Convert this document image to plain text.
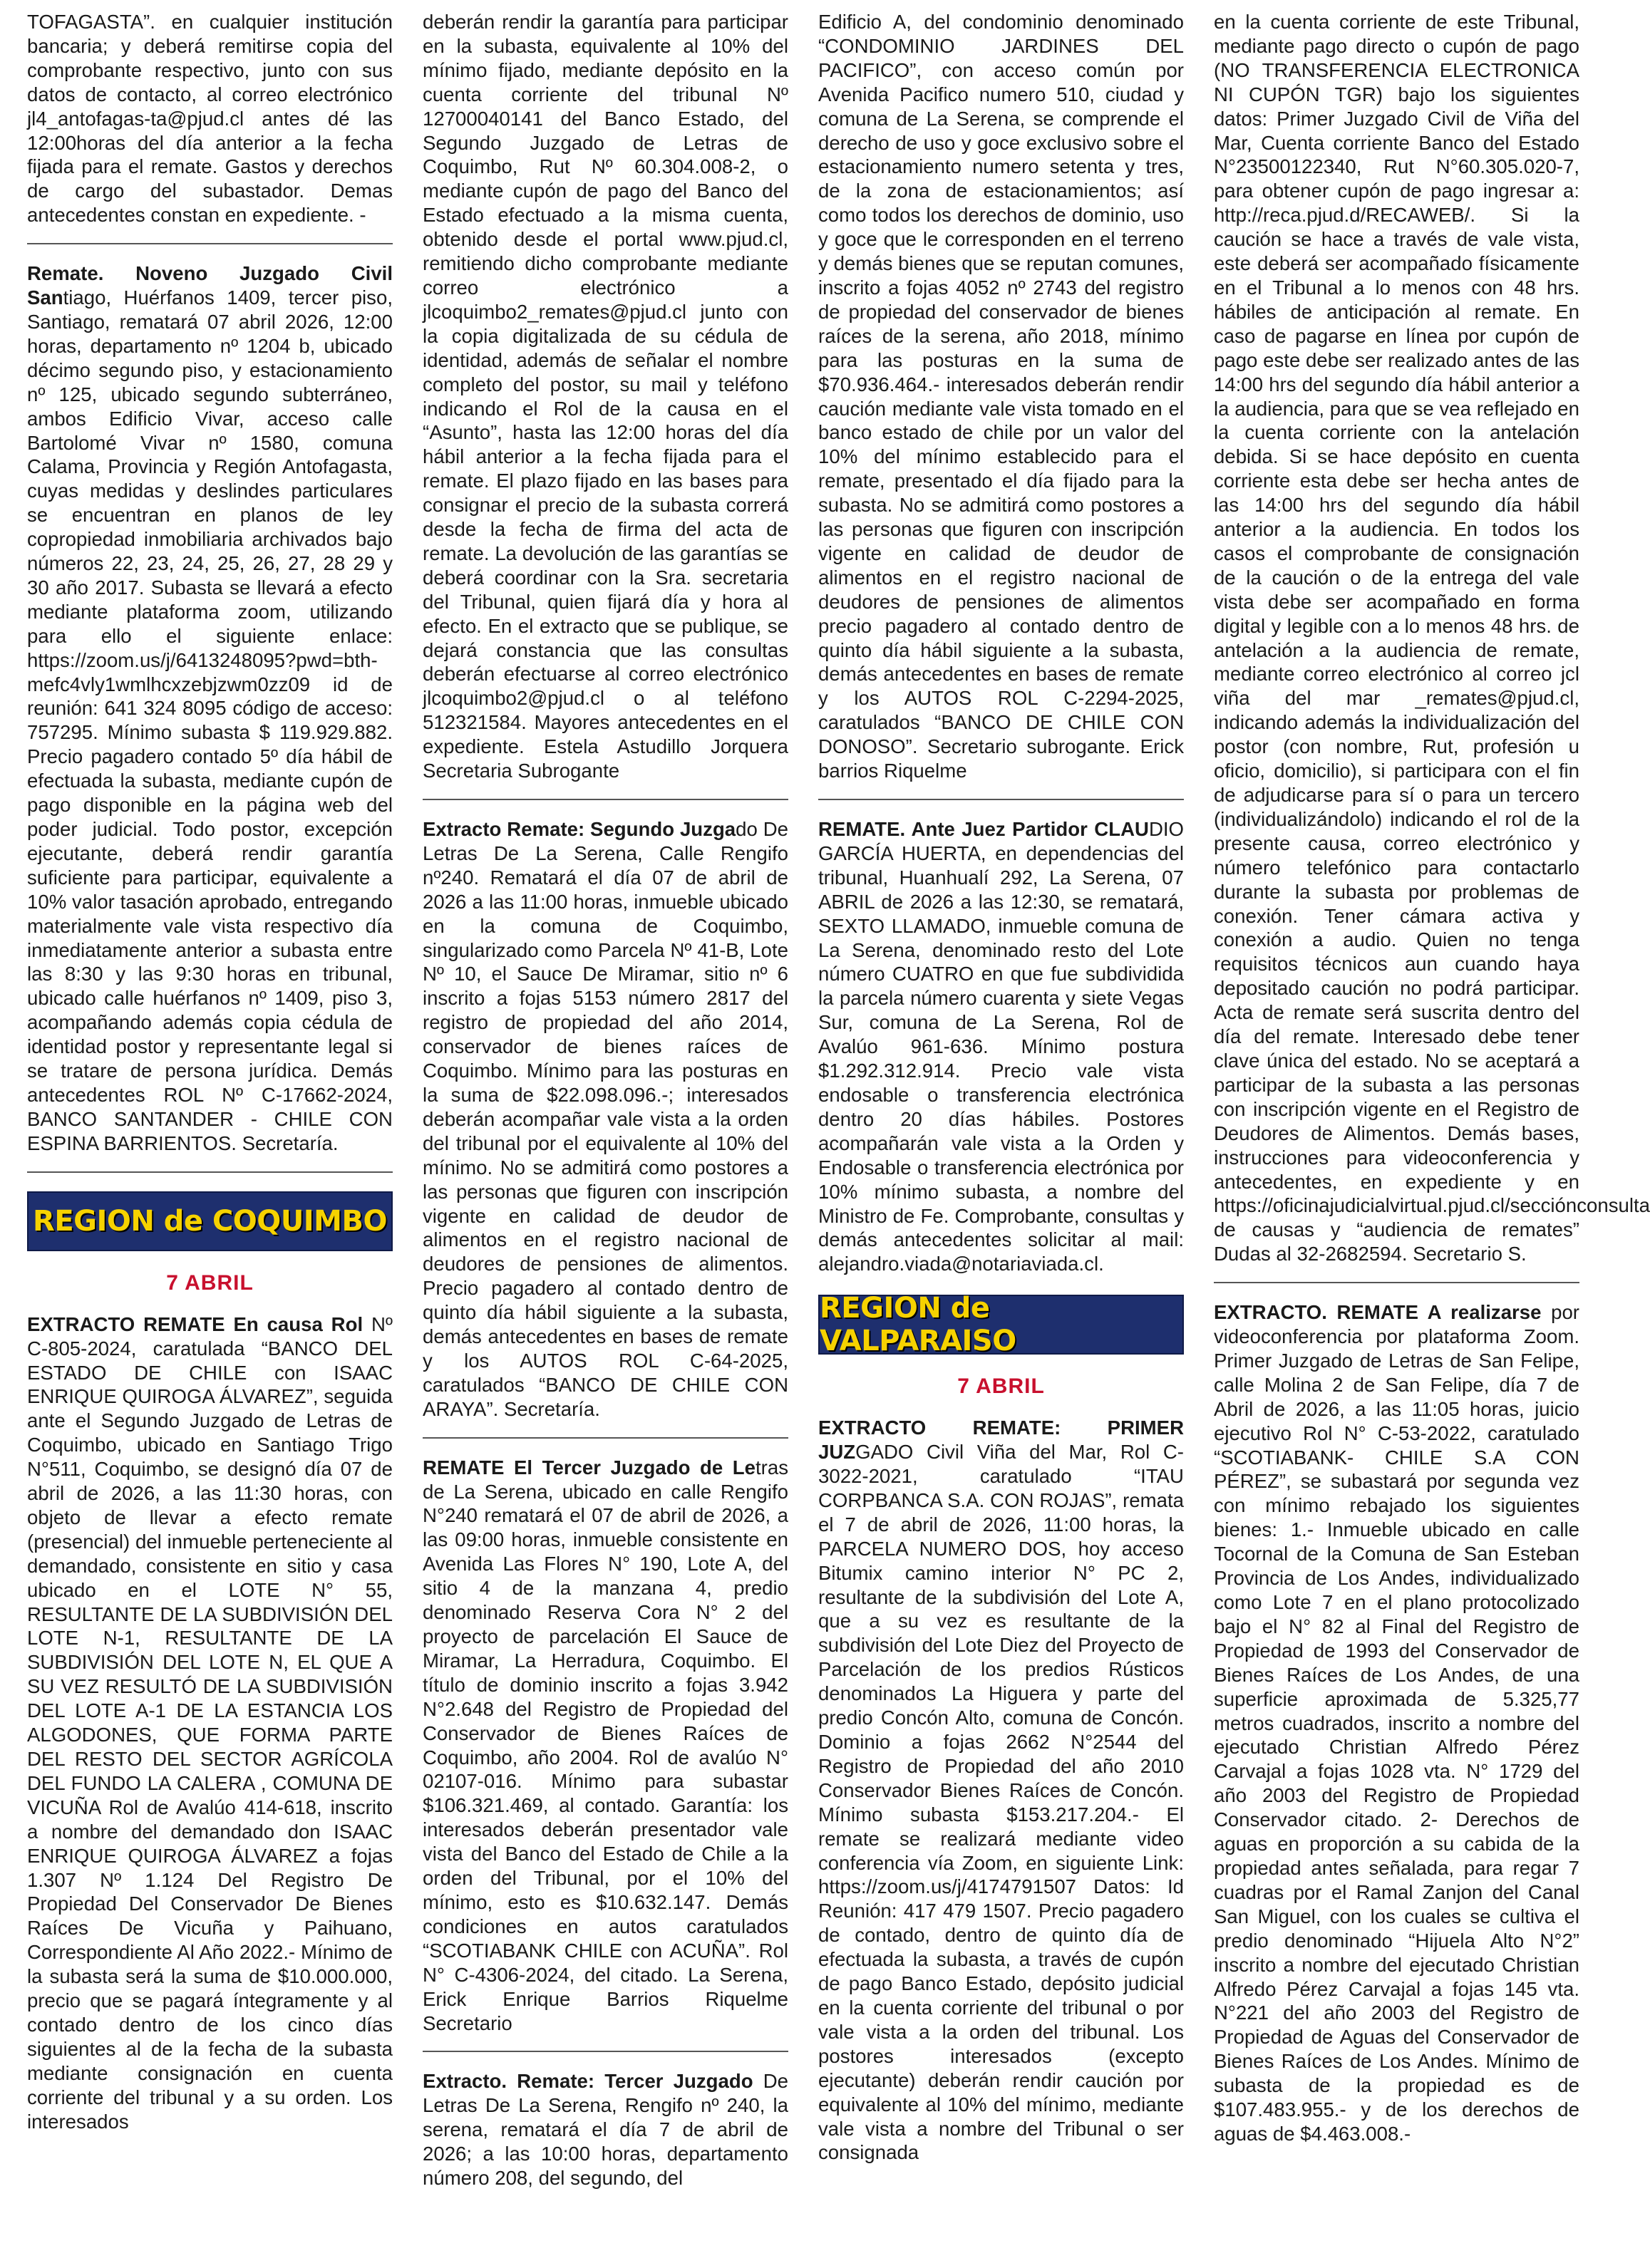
TOFAGASTA”. en cualquier institución bancaria; y deberá remitirse copia del comprobante respectivo, junto con sus datos de contacto, al correo electrónico jl4_antofagas-ta@pjud.cl antes dé las 12:00horas del día anterior a la fecha fijada para el remate. Gastos y derechos de cargo del subastador. Demas antecedentes constan en expediente. -

Remate. Noveno Juzgado Civil Santiago, Huérfanos 1409, tercer piso, Santiago, rematará 07 abril 2026, 12:00 horas, departamento nº 1204 b, ubicado décimo segundo piso, y estacionamiento nº 125, ubicado segundo subterráneo, ambos Edificio Vivar, acceso calle Bartolomé Vivar nº 1580, comuna Calama, Provincia y Región Antofagasta, cuyas medidas y deslindes particulares se encuentran en planos de ley copropiedad inmobiliaria archivados bajo números 22, 23, 24, 25, 26, 27, 28 29 y 30 año 2017. Subasta se llevará a efecto mediante plataforma zoom, utilizando para ello el siguiente enlace: https://zoom.us/j/6413248095?pwd=bth-mefc4vly1wmlhcxzebjzwm0zz09 id de reunión: 641 324 8095 código de acceso: 757295. Mínimo subasta $ 119.929.882. Precio pagadero contado 5º día hábil de efectuada la subasta, mediante cupón de pago disponible en la página web del poder judicial. Todo postor, excepción ejecutante, deberá rendir garantía suficiente para participar, equivalente a 10% valor tasación aprobado, entregando materialmente vale vista respectivo día inmediatamente anterior a subasta entre las 8:30 y las 9:30 horas en tribunal, ubicado calle huérfanos nº 1409, piso 3, acompañando además copia cédula de identidad postor y representante legal si se tratare de persona jurídica. Demás antecedentes ROL Nº C-17662-2024, BANCO SANTANDER - CHILE CON ESPINA BARRIENTOS. Secretaría.

REGION de COQUIMBO
7 ABRIL

EXTRACTO REMATE En causa Rol Nº C-805-2024, caratulada “BANCO DEL ESTADO DE CHILE con ISAAC ENRIQUE QUIROGA ÁLVAREZ”, seguida ante el Segundo Juzgado de Letras de Coquimbo, ubicado en Santiago Trigo N°511, Coquimbo, se designó día 07 de abril de 2026, a las 11:30 horas, con objeto de llevar a efecto remate (presencial) del inmueble perteneciente al demandado, consistente en sitio y casa ubicado en el LOTE N° 55, RESULTANTE DE LA SUBDIVISIÓN DEL LOTE N-1, RESULTANTE DE LA SUBDIVISIÓN DEL LOTE N, EL QUE A SU VEZ RESULTÓ DE LA SUBDIVISIÓN DEL LOTE A-1 DE LA ESTANCIA LOS ALGODONES, QUE FORMA PARTE DEL RESTO DEL SECTOR AGRÍCOLA DEL FUNDO LA CALERA , COMUNA DE VICUÑA Rol de Avalúo 414-618, inscrito a nombre del demandado don ISAAC ENRIQUE QUIROGA ÁLVAREZ a fojas 1.307 Nº 1.124 Del Registro De Propiedad Del Conservador De Bienes Raíces De Vicuña y Paihuano, Correspondiente Al Año 2022.- Mínimo de la subasta será la suma de $10.000.000, precio que se pagará íntegramente y al contado dentro de los cinco días siguientes al de la fecha de la subasta mediante consignación en cuenta corriente del tribunal y a su orden. Los interesados

deberán rendir la garantía para participar en la subasta, equivalente al 10% del mínimo fijado, mediante depósito en la cuenta corriente del tribunal Nº 12700040141 del Banco Estado, del Segundo Juzgado de Letras de Coquimbo, Rut Nº 60.304.008-2, o mediante cupón de pago del Banco del Estado efectuado a la misma cuenta, obtenido desde el portal www.pjud.cl, remitiendo dicho comprobante mediante correo electrónico a jlcoquimbo2_remates@pjud.cl junto con la copia digitalizada de su cédula de identidad, además de señalar el nombre completo del postor, su mail y teléfono indicando el Rol de la causa en el “Asunto”, hasta las 12:00 horas del día hábil anterior a la fecha fijada para el remate. El plazo fijado en las bases para consignar el precio de la subasta correrá desde la fecha de firma del acta de remate. La devolución de las garantías se deberá coordinar con la Sra. secretaria del Tribunal, quien fijará día y hora al efecto. En el extracto que se publique, se dejará constancia que las consultas deberán efectuarse al correo electrónico jlcoquimbo2@pjud.cl o al teléfono 512321584. Mayores antecedentes en el expediente. Estela Astudillo Jorquera Secretaria Subrogante

Extracto Remate: Segundo Juzgado De Letras De La Serena, Calle Rengifo nº240. Rematará el día 07 de abril de 2026 a las 11:00 horas, inmueble ubicado en la comuna de Coquimbo, singularizado como Parcela Nº 41-B, Lote Nº 10, el Sauce De Miramar, sitio nº 6 inscrito a fojas 5153 número 2817 del registro de propiedad del año 2014, conservador de bienes raíces de Coquimbo. Mínimo para las posturas en la suma de $22.098.096.-; interesados deberán acompañar vale vista a la orden del tribunal por el equivalente al 10% del mínimo. No se admitirá como postores a las personas que figuren con inscripción vigente en calidad de deudor de alimentos en el registro nacional de deudores de pensiones de alimentos. Precio pagadero al contado dentro de quinto día hábil siguiente a la subasta, demás antecedentes en bases de remate y los AUTOS ROL C-64-2025, caratulados “BANCO DE CHILE CON ARAYA”. Secretaría.

REMATE El Tercer Juzgado de Letras de La Serena, ubicado en calle Rengifo N°240 rematará el 07 de abril de 2026, a las 09:00 horas, inmueble consistente en Avenida Las Flores N° 190, Lote A, del sitio 4 de la manzana 4, predio denominado Reserva Cora N° 2 del proyecto de parcelación El Sauce de Miramar, La Herradura, Coquimbo. El título de dominio inscrito a fojas 3.942 N°2.648 del Registro de Propiedad del Conservador de Bienes Raíces de Coquimbo, año 2004. Rol de avalúo N° 02107-016. Mínimo para subastar $106.321.469, al contado. Garantía: los interesados deberán presentador vale vista del Banco del Estado de Chile a la orden del Tribunal, por el 10% del mínimo, esto es $10.632.147. Demás condiciones en autos caratulados “SCOTIABANK CHILE con ACUÑA”. Rol N° C-4306-2024, del citado. La Serena, Erick Enrique Barrios Riquelme Secretario

Extracto. Remate: Tercer Juzgado De Letras De La Serena, Rengifo nº 240, la serena, rematará el día 7 de abril de 2026; a las 10:00 horas, departamento número 208, del segundo, del

Edificio A, del condominio denominado “CONDOMINIO JARDINES DEL PACIFICO”, con acceso común por Avenida Pacifico numero 510, ciudad y comuna de La Serena, se comprende el derecho de uso y goce exclusivo sobre el estacionamiento numero setenta y tres, de la zona de estacionamientos; así como todos los derechos de dominio, uso y goce que le corresponden en el terreno y demás bienes que se reputan comunes, inscrito a fojas 4052 nº 2743 del registro de propiedad del conservador de bienes raíces de la serena, año 2018, mínimo para las posturas en la suma de $70.936.464.- interesados deberán rendir caución mediante vale vista tomado en el banco estado de chile por un valor del 10% del mínimo establecido para el remate, presentado el día fijado para la subasta. No se admitirá como postores a las personas que figuren con inscripción vigente en calidad de deudor de alimentos en el registro nacional de deudores de pensiones de alimentos precio pagadero al contado dentro de quinto día hábil siguiente a la subasta, demás antecedentes en bases de remate y los AUTOS ROL C-2294-2025, caratulados “BANCO DE CHILE CON DONOSO”. Secretario subrogante. Erick barrios Riquelme

REMATE. Ante Juez Partidor CLAUDIO GARCÍA HUERTA, en dependencias del tribunal, Huanhualí 292, La Serena, 07 ABRIL de 2026 a las 12:30, se rematará, SEXTO LLAMADO, inmueble comuna de La Serena, denominado resto del Lote número CUATRO en que fue subdividida la parcela número cuarenta y siete Vegas Sur, comuna de La Serena, Rol de Avalúo 961-636. Mínimo postura $1.292.312.914. Precio vale vista endosable o transferencia electrónica dentro 20 días hábiles. Postores acompañarán vale vista a la Orden y Endosable o transferencia electrónica por 10% mínimo subasta, a nombre del Ministro de Fe. Comprobante, consultas y demás antecedentes solicitar al mail: alejandro.viada@notariaviada.cl.

REGION de VALPARAISO
7 ABRIL

EXTRACTO REMATE: PRIMER JUZGADO Civil Viña del Mar, Rol C-3022-2021, caratulado “ITAU CORPBANCA S.A. CON ROJAS”, remata el 7 de abril de 2026, 11:00 horas, la PARCELA NUMERO DOS, hoy acceso Bitumix camino interior N° PC 2, resultante de la subdivisión del Lote A, que a su vez es resultante de la subdivisión del Lote Diez del Proyecto de Parcelación de los predios Rústicos denominados La Higuera y parte del predio Concón Alto, comuna de Concón. Dominio a fojas 2662 N°2544 del Registro de Propiedad del año 2010 Conservador Bienes Raíces de Concón. Mínimo subasta $153.217.204.- El remate se realizará mediante video conferencia vía Zoom, en siguiente Link: https://zoom.us/j/4174791507 Datos: Id Reunión: 417 479 1507. Precio pagadero de contado, dentro de quinto día de efectuada la subasta, a través de cupón de pago Banco Estado, depósito judicial en la cuenta corriente del tribunal o por vale vista a la orden del tribunal. Los postores interesados (excepto ejecutante) deberán rendir caución por equivalente al 10% del mínimo, mediante vale vista a nombre del Tribunal o ser consignada

en la cuenta corriente de este Tribunal, mediante pago directo o cupón de pago (NO TRANSFERENCIA ELECTRONICA NI CUPÓN TGR) bajo los siguientes datos: Primer Juzgado Civil de Viña del Mar, Cuenta corriente Banco del Estado N°23500122340, Rut N°60.305.020-7, para obtener cupón de pago ingresar a: http://reca.pjud.d/RECAWEB/. Si la caución se hace a través de vale vista, este deberá ser acompañado físicamente en el Tribunal a lo menos con 48 hrs. hábiles de anticipación al remate. En caso de pagarse en línea por cupón de pago este debe ser realizado antes de las 14:00 hrs del segundo día hábil anterior a la audiencia, para que se vea reflejado en la cuenta corriente con la antelación debida. Si se hace depósito en cuenta corriente esta debe ser hecha antes de las 14:00 hrs del segundo día hábil anterior a la audiencia. En todos los casos el comprobante de consignación de la caución o de la entrega del vale vista debe ser acompañado en forma digital y legible con a lo menos 48 hrs. de antelación a la audiencia de remate, mediante correo electrónico al correo jcl viña del mar _remates@pjud.cl, indicando además la individualización del postor (con nombre, Rut, profesión u oficio, domicilio), si participara con el fin de adjudicarse para sí o para un tercero (individualizándolo) indicando el rol de la presente causa, correo electrónico y número telefónico para contactarlo durante la subasta por problemas de conexión. Tener cámara activa y conexión a audio. Quien no tenga requisitos técnicos aun cuando haya depositado caución no podrá participar. Acta de remate será suscrita dentro del día del remate. Interesado debe tener clave única del estado. No se aceptará a participar de la subasta a las personas con inscripción vigente en el Registro de Deudores de Alimentos. Demás bases, instrucciones para videoconferencia y antecedentes, en expediente y en https://oficinajudicialvirtual.pjud.cl/secciónconsulta de causas y “audiencia de remates” Dudas al 32-2682594. Secretario S.

EXTRACTO. REMATE A realizarse por videoconferencia por plataforma Zoom. Primer Juzgado de Letras de San Felipe, calle Molina 2 de San Felipe, día 7 de Abril de 2026, a las 11:05 horas, juicio ejecutivo Rol N° C-53-2022, caratulado “SCOTIABANK- CHILE S.A CON PÉREZ”, se subastará por segunda vez con mínimo rebajado los siguientes bienes: 1.- Inmueble ubicado en calle Tocornal de la Comuna de San Esteban Provincia de Los Andes, individualizado como Lote 7 en el plano protocolizado bajo el N° 82 al Final del Registro de Propiedad de 1993 del Conservador de Bienes Raíces de Los Andes, de una superficie aproximada de 5.325,77 metros cuadrados, inscrito a nombre del ejecutado Christian Alfredo Pérez Carvajal a fojas 1028 vta. N° 1729 del año 2003 del Registro de Propiedad Conservador citado. 2- Derechos de aguas en proporción a su cabida de la propiedad antes señalada, para regar 7 cuadras por el Ramal Zanjon del Canal San Miguel, con los cuales se cultiva el predio denominado “Hijuela Alto N°2” inscrito a nombre del ejecutado Christian Alfredo Pérez Carvajal a fojas 145 vta. N°221 del año 2003 del Registro de Propiedad de Aguas del Conservador de Bienes Raíces de Los Andes. Mínimo de subasta de la propiedad es de $107.483.955.- y de los derechos de aguas de $4.463.008.-
